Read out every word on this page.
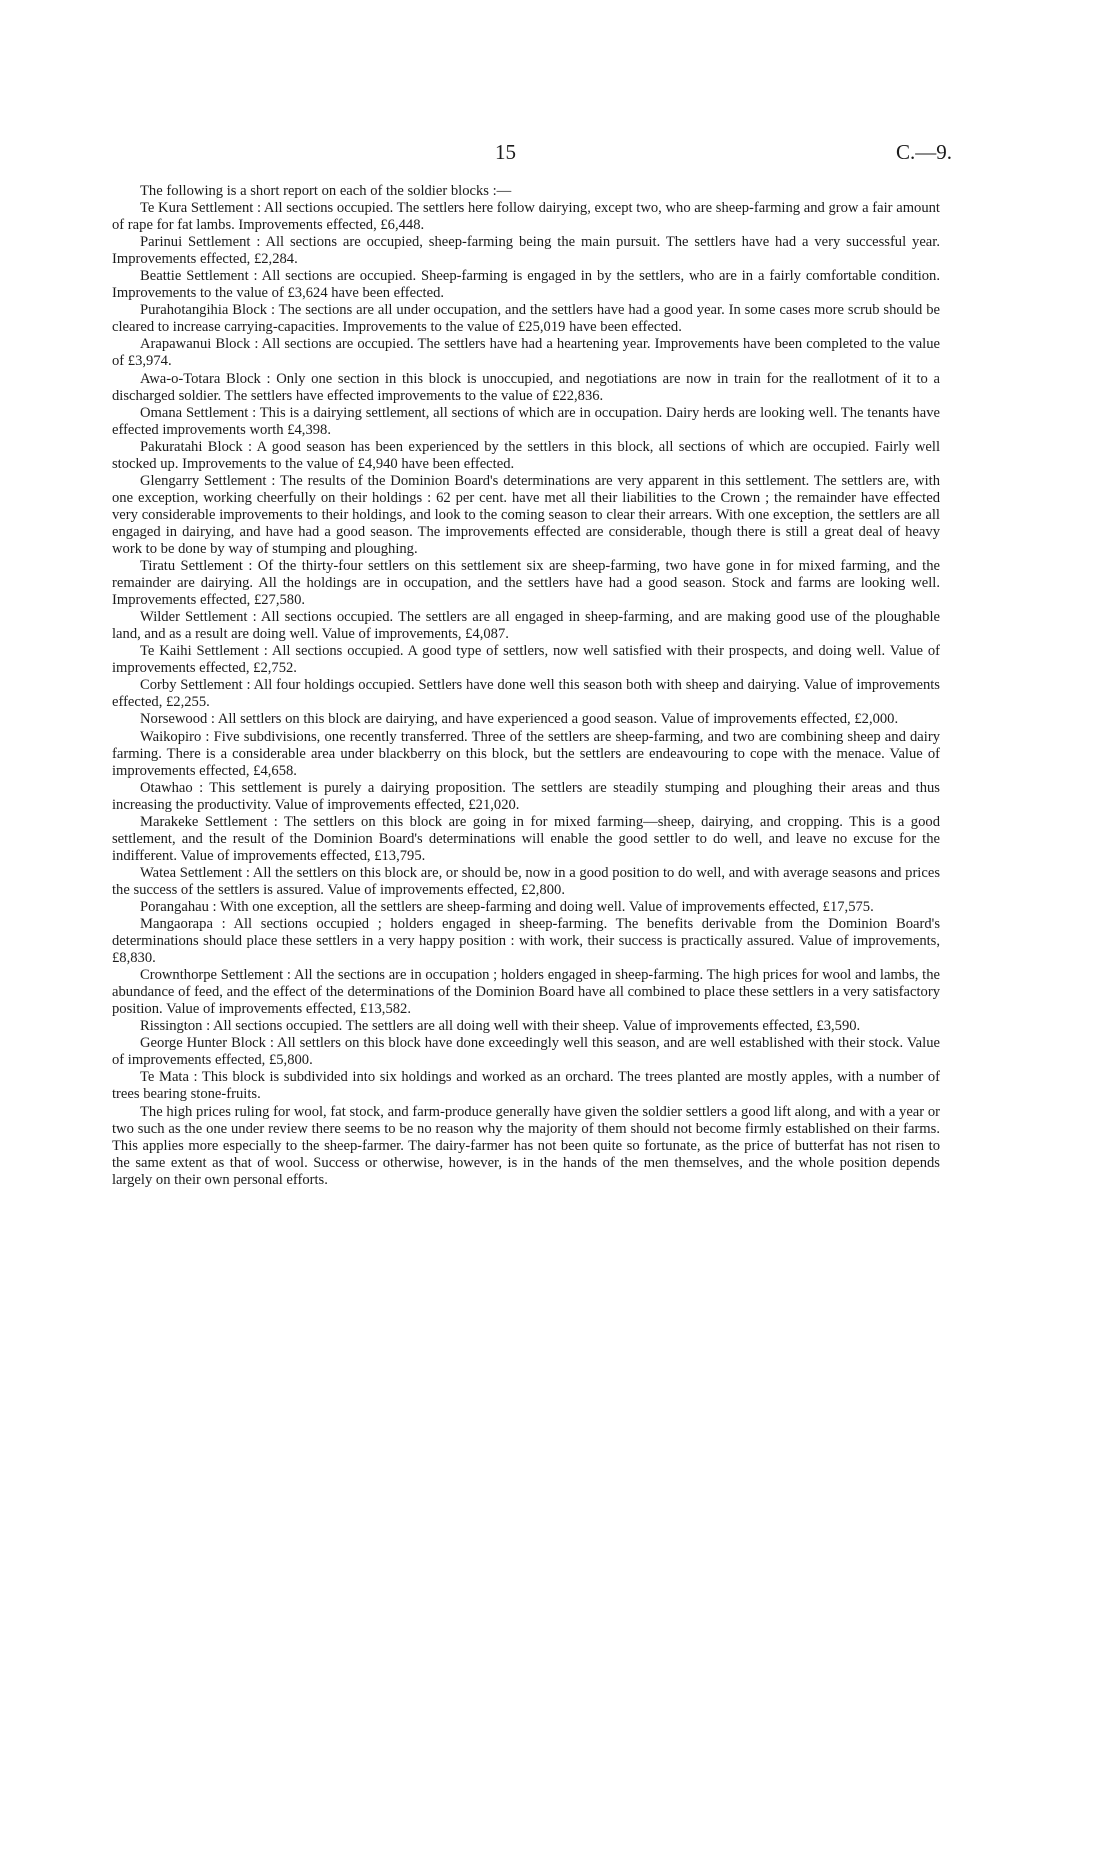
15	C.—9.

The following is a short report on each of the soldier blocks :—

Te Kura Settlement : All sections occupied. The settlers here follow dairying, except two, who are sheep-farming and grow a fair amount of rape for fat lambs. Improvements effected, £6,448.

Parinui Settlement : All sections are occupied, sheep-farming being the main pursuit. The settlers have had a very successful year. Improvements effected, £2,284.

Beattie Settlement : All sections are occupied. Sheep-farming is engaged in by the settlers, who are in a fairly comfortable condition. Improvements to the value of £3,624 have been effected.

Purahotangihia Block : The sections are all under occupation, and the settlers have had a good year. In some cases more scrub should be cleared to increase carrying-capacities. Improvements to the value of £25,019 have been effected.

Arapawanui Block : All sections are occupied. The settlers have had a heartening year. Improvements have been completed to the value of £3,974.

Awa-o-Totara Block : Only one section in this block is unoccupied, and negotiations are now in train for the reallotment of it to a discharged soldier. The settlers have effected improvements to the value of £22,836.

Omana Settlement : This is a dairying settlement, all sections of which are in occupation. Dairy herds are looking well. The tenants have effected improvements worth £4,398.

Pakuratahi Block : A good season has been experienced by the settlers in this block, all sections of which are occupied. Fairly well stocked up. Improvements to the value of £4,940 have been effected.

Glengarry Settlement : The results of the Dominion Board's determinations are very apparent in this settlement. The settlers are, with one exception, working cheerfully on their holdings : 62 per cent. have met all their liabilities to the Crown ; the remainder have effected very considerable improvements to their holdings, and look to the coming season to clear their arrears. With one exception, the settlers are all engaged in dairying, and have had a good season. The improvements effected are considerable, though there is still a great deal of heavy work to be done by way of stumping and ploughing.

Tiratu Settlement : Of the thirty-four settlers on this settlement six are sheep-farming, two have gone in for mixed farming, and the remainder are dairying. All the holdings are in occupation, and the settlers have had a good season. Stock and farms are looking well. Improvements effected, £27,580.

Wilder Settlement : All sections occupied. The settlers are all engaged in sheep-farming, and are making good use of the ploughable land, and as a result are doing well. Value of improvements, £4,087.

Te Kaihi Settlement : All sections occupied. A good type of settlers, now well satisfied with their prospects, and doing well. Value of improvements effected, £2,752.

Corby Settlement : All four holdings occupied. Settlers have done well this season both with sheep and dairying. Value of improvements effected, £2,255.

Norsewood : All settlers on this block are dairying, and have experienced a good season. Value of improvements effected, £2,000.

Waikopiro : Five subdivisions, one recently transferred. Three of the settlers are sheep-farming, and two are combining sheep and dairy farming. There is a considerable area under blackberry on this block, but the settlers are endeavouring to cope with the menace. Value of improvements effected, £4,658.

Otawhao : This settlement is purely a dairying proposition. The settlers are steadily stumping and ploughing their areas and thus increasing the productivity. Value of improvements effected, £21,020.

Marakeke Settlement : The settlers on this block are going in for mixed farming—sheep, dairying, and cropping. This is a good settlement, and the result of the Dominion Board's determinations will enable the good settler to do well, and leave no excuse for the indifferent. Value of improvements effected, £13,795.

Watea Settlement : All the settlers on this block are, or should be, now in a good position to do well, and with average seasons and prices the success of the settlers is assured. Value of improvements effected, £2,800.

Porangahau : With one exception, all the settlers are sheep-farming and doing well. Value of improvements effected, £17,575.

Mangaorapa : All sections occupied ; holders engaged in sheep-farming. The benefits derivable from the Dominion Board's determinations should place these settlers in a very happy position : with work, their success is practically assured. Value of improvements, £8,830.

Crownthorpe Settlement : All the sections are in occupation ; holders engaged in sheep-farming. The high prices for wool and lambs, the abundance of feed, and the effect of the determinations of the Dominion Board have all combined to place these settlers in a very satisfactory position. Value of improvements effected, £13,582.

Rissington : All sections occupied. The settlers are all doing well with their sheep. Value of improvements effected, £3,590.

George Hunter Block : All settlers on this block have done exceedingly well this season, and are well established with their stock. Value of improvements effected, £5,800.

Te Mata : This block is subdivided into six holdings and worked as an orchard. The trees planted are mostly apples, with a number of trees bearing stone-fruits.

The high prices ruling for wool, fat stock, and farm-produce generally have given the soldier settlers a good lift along, and with a year or two such as the one under review there seems to be no reason why the majority of them should not become firmly established on their farms. This applies more especially to the sheep-farmer. The dairy-farmer has not been quite so fortunate, as the price of butterfat has not risen to the same extent as that of wool. Success or otherwise, however, is in the hands of the men themselves, and the whole position depends largely on their own personal efforts.
